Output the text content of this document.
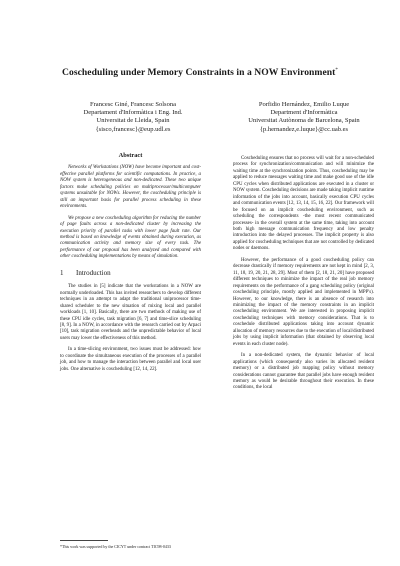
Coscheduling under Memory Constraints in a NOW Environment*
Francesc Giné, Francesc Solsona
Departament d'Informàtica i Eng. Ind.
Universitat de Lleida, Spain
{sisco,francesc}@eup.udl.es
Porfidio Hernández, Emilio Luque
Department d'Informàtica
Universitat Autònoma de Barcelona, Spain
{p.hernandez,e.luque}@cc.uab.es
Abstract

Networks of Workstations (NOW) have become important and cost-effective parallel platforms for scientific computations. In practice, a NOW system is heterogeneous and non-dedicated. These two unique factors make scheduling policies on multiprocessor/multicomputer systems unsuitable for NOWs. However, the coscheduling principle is still an important basis for parallel process scheduling in these environments.

We propose a new coscheduling algorithm for reducing the number of page faults across a non-dedicated cluster by increasing the execution priority of parallel tasks with lower page fault rate. Our method is based on knowledge of events obtained during execution, as communication activity and memory size of every task. The performance of our proposal has been analyzed and compared with other coscheduling implementations by means of simulation.

1 Introduction

The studies in [5] indicate that the workstations in a NOW are normally underloaded. This has invited researchers to develop different techniques in an attempt to adapt the traditional uniprocessor time-shared scheduler to the new situation of mixing local and parallel workloads [1, 10]. Basically, there are two methods of making use of these CPU idle cycles, task migration [6, 7] and time-slice scheduling [8, 9]. In a NOW, in accordance with the research carried out by Arpaci [10], task migration overheads and the unpredictable behavior of local users may lower the effectiveness of this method.

In a time-slicing environment, two issues must be addressed: how to coordinate the simultaneous execution of the processes of a parallel job, and how to manage the interaction between parallel and local user jobs. One alternative is coscheduling [12, 14, 22].

Coscheduling ensures that no process will wait for a non-scheduled process for synchronization/communication and will minimize the waiting time at the synchronization points. Thus, coscheduling may be applied to reduce messages waiting time and make good use of the idle CPU cycles when distributed applications are executed in a cluster or NOW system. Coscheduling decisions are made taking implicit runtime information of the jobs into account, basically execution CPU cycles and communication events [12, 13, 14, 15, 16, 22]. Our framework will be focused on an implicit coscheduling environment, such as scheduling the correspondents -the most recent communicated processes- in the overall system at the same time, taking into account both high message communication frequency and low penalty introduction into the delayed processes. The implicit property is also applied for coscheduling techniques that are not controlled by dedicated nodes or daemons.

However, the performance of a good coscheduling policy can decrease drastically if memory requirements are not kept in mind [2, 3, 11, 18, 19, 20, 21, 28, 29]. Most of them [2, 18, 21, 20] have proposed different techniques to minimize the impact of the real job memory requirements on the performance of a gang scheduling policy (original coscheduling principle, mostly applied and implemented in MPP's). However, to our knowledge, there is an absence of research into minimizing the impact of the memory constraints in an implicit coscheduling environment. We are interested in proposing implicit coscheduling techniques with memory considerations. That is to coschedule distributed applications taking into account dynamic allocation of memory resources due to the execution of local/distributed jobs by using implicit information (that obtained by observing local events in each cluster node).

In a non-dedicated system, the dynamic behavior of local applications (which consequently also varies its allocated resident memory) or a distributed job mapping policy without memory considerations cannot guarantee that parallel jobs have enough resident memory as would be desirable throughout their execution. In these conditions, the local

*This work was supported by the CICYT under contract TIC98-0433
